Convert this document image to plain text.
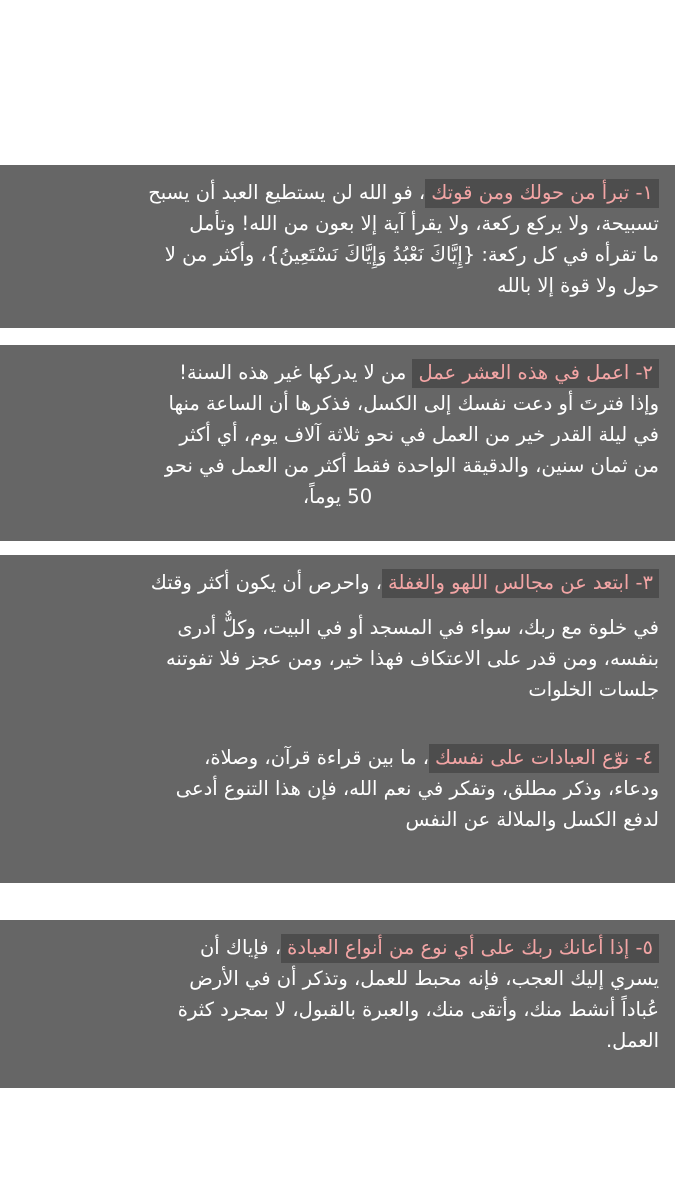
١- تبرأ من حولك ومن قوتك، فو الله لن يستطيع العبد أن يسبح
تسبيحة، ولا يركع ركعة، ولا يقرأ آية إلا بعون من الله! وتأمل
ما تقرأه في كل ركعة: {إِيَّاكَ نَعْبُدُ وَإِيَّاكَ نَسْتَعِينُ}، وأكثر من لا
حول ولا قوة إلا بالله
٢- اعمل في هذه العشر عمل من لا يدركها غير هذه السنة!
وإذا فترتَ أو دعت نفسك إلى الكسل، فذكرها أن الساعة منها
في ليلة القدر خير من العمل في نحو ثلاثة آلاف يوم، أي أكثر
من ثمان سنين، والدقيقة الواحدة فقط أكثر من العمل في نحو
50 يوماً،
٣- ابتعد عن مجالس اللهو والغفلة، واحرص أن يكون أكثر وقتك
في خلوة مع ربك، سواء في المسجد أو في البيت، وكلٌّ أدرى
بنفسه، ومن قدر على الاعتكاف فهذا خير، ومن عجز فلا تفوتنه
جلسات الخلوات
٤- نوّع العبادات على نفسك، ما بين قراءة قرآن، وصلاة،
ودعاء، وذكر مطلق، وتفكر في نعم الله، فإن هذا التنوع أدعى
لدفع الكسل والملالة عن النفس
٥- إذا أعانك ربك على أي نوع من أنواع العبادة، فإياك أن
يسري إليك العجب، فإنه محبط للعمل، وتذكر أن في الأرض
عُباداً أنشط منك، وأتقى منك، والعبرة بالقبول، لا بمجرد كثرة
العمل.
